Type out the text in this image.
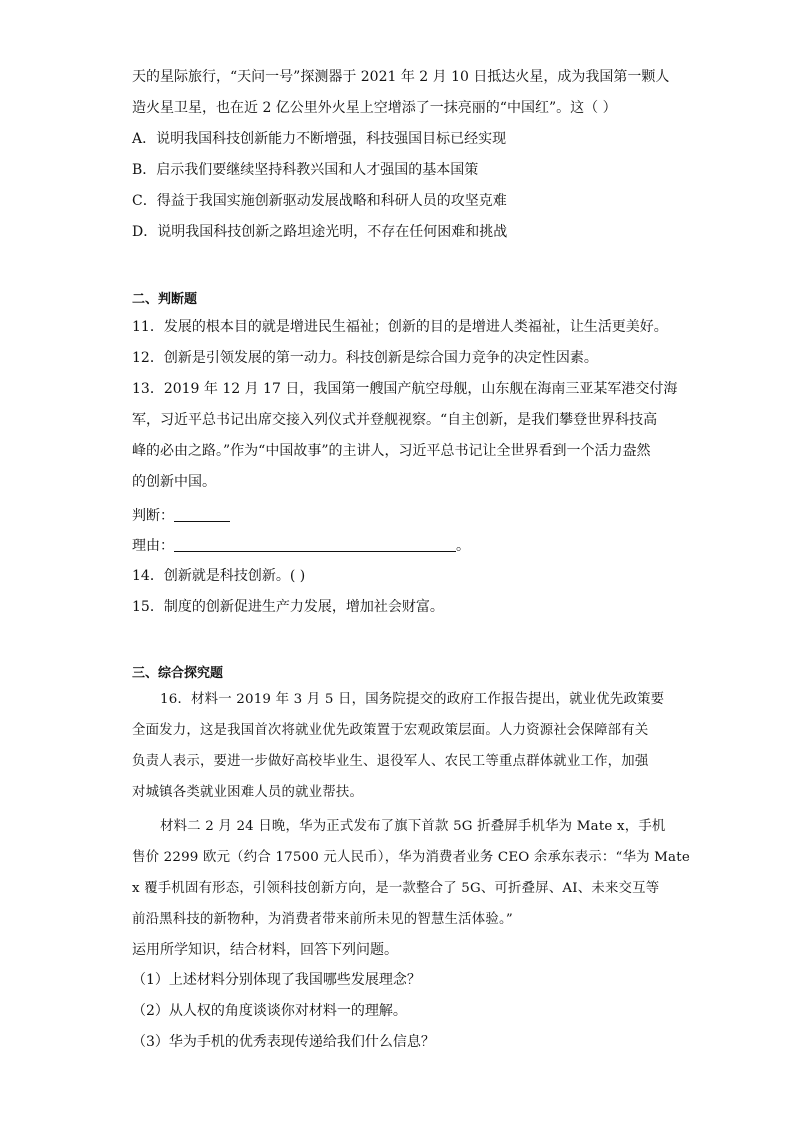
天的星际旅行，“天问一号”探测器于 2021 年 2 月 10 日抵达火星，成为我国第一颗人
造火星卫星，也在近 2 亿公里外火星上空增添了一抹亮丽的“中国红”。这（ ）
A．说明我国科技创新能力不断增强，科技强国目标已经实现
B．启示我们要继续坚持科教兴国和人才强国的基本国策
C．得益于我国实施创新驱动发展战略和科研人员的攻坚克难
D．说明我国科技创新之路坦途光明，不存在任何困难和挑战
二、判断题
11．发展的根本目的就是增进民生福祉；创新的目的是增进人类福祉，让生活更美好。
12．创新是引领发展的第一动力。科技创新是综合国力竞争的决定性因素。
13．2019 年 12 月 17 日，我国第一艘国产航空母舰，山东舰在海南三亚某军港交付海
军，习近平总书记出席交接入列仪式并登舰视察。“自主创新，是我们攀登世界科技高
峰的必由之路。”作为“中国故事”的主讲人，习近平总书记让全世界看到一个活力盎然
的创新中国。
判断：
理由：	。
14．创新就是科技创新。( )
15．制度的创新促进生产力发展，增加社会财富。
三、综合探究题
16．材料一 2019 年 3 月 5 日，国务院提交的政府工作报告提出，就业优先政策要
全面发力，这是我国首次将就业优先政策置于宏观政策层面。人力资源社会保障部有关
负责人表示，要进一步做好高校毕业生、退役军人、农民工等重点群体就业工作，加强
对城镇各类就业困难人员的就业帮扶。
材料二 2 月 24 日晚，华为正式发布了旗下首款 5G 折叠屏手机华为 Mate x，手机
售价 2299 欧元（约合 17500 元人民币），华为消费者业务 CEO 余承东表示：“华为 Mate
x 覆手机固有形态，引领科技创新方向，是一款整合了 5G、可折叠屏、AI、未来交互等
前沿黑科技的新物种，为消费者带来前所未见的智慧生活体验。”
运用所学知识，结合材料，回答下列问题。
（1）上述材料分别体现了我国哪些发展理念？
（2）从人权的角度谈谈你对材料一的理解。
（3）华为手机的优秀表现传递给我们什么信息？
